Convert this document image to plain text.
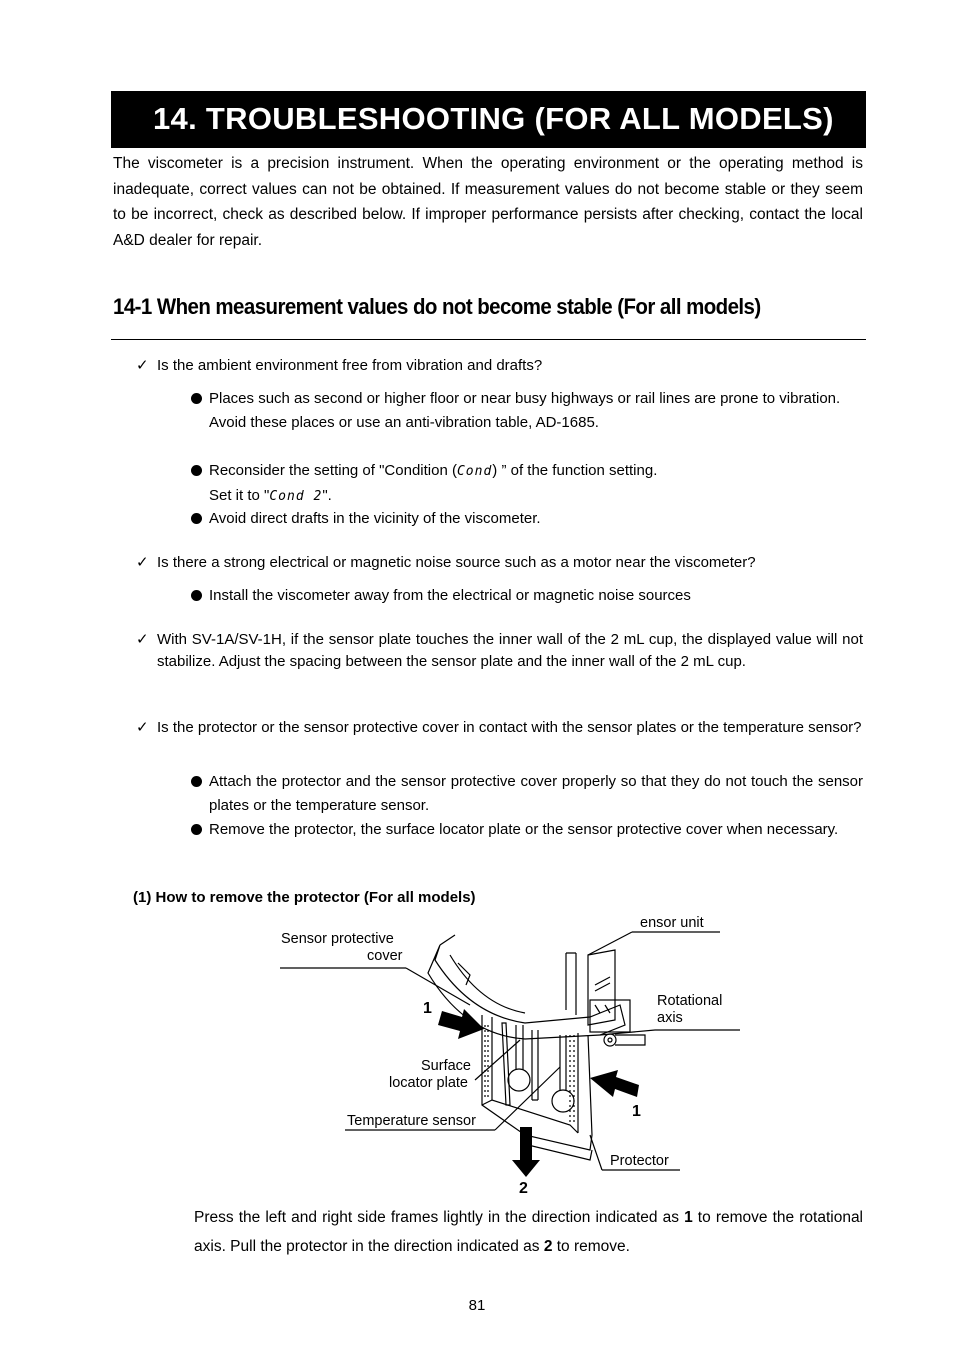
14. TROUBLESHOOTING (FOR ALL MODELS)
The viscometer is a precision instrument. When the operating environment or the operating method is inadequate, correct values can not be obtained. If measurement values do not become stable or they seem to be incorrect, check as described below. If improper performance persists after checking, contact the local A&D dealer for repair.
14-1 When measurement values do not become stable (For all models)
✓ Is the ambient environment free from vibration and drafts?
Places such as second or higher floor or near busy highways or rail lines are prone to vibration.
Avoid these places or use an anti-vibration table, AD-1685.
Reconsider the setting of "Condition (Cond) ” of the function setting.
Set it to "Cond 2".
Avoid direct drafts in the vicinity of the viscometer.
✓ Is there a strong electrical or magnetic noise source such as a motor near the viscometer?
Install the viscometer away from the electrical or magnetic noise sources
✓ With SV-1A/SV-1H, if the sensor plate touches the inner wall of the 2 mL cup, the displayed value will not stabilize. Adjust the spacing between the sensor plate and the inner wall of the 2 mL cup.
✓ Is the protector or the sensor protective cover in contact with the sensor plates or the temperature sensor?
Attach the protector and the sensor protective cover properly so that they do not touch the sensor plates or the temperature sensor.
Remove the protector, the surface locator plate or the sensor protective cover when necessary.
(1) How to remove the protector (For all models)
ensor unit
Sensor protective
cover
Rotational
axis
Surface
locator plate
Temperature sensor
Protector
1
1
2
Press the left and right side frames lightly in the direction indicated as 1 to remove the rotational axis. Pull the protector in the direction indicated as 2 to remove.
81
